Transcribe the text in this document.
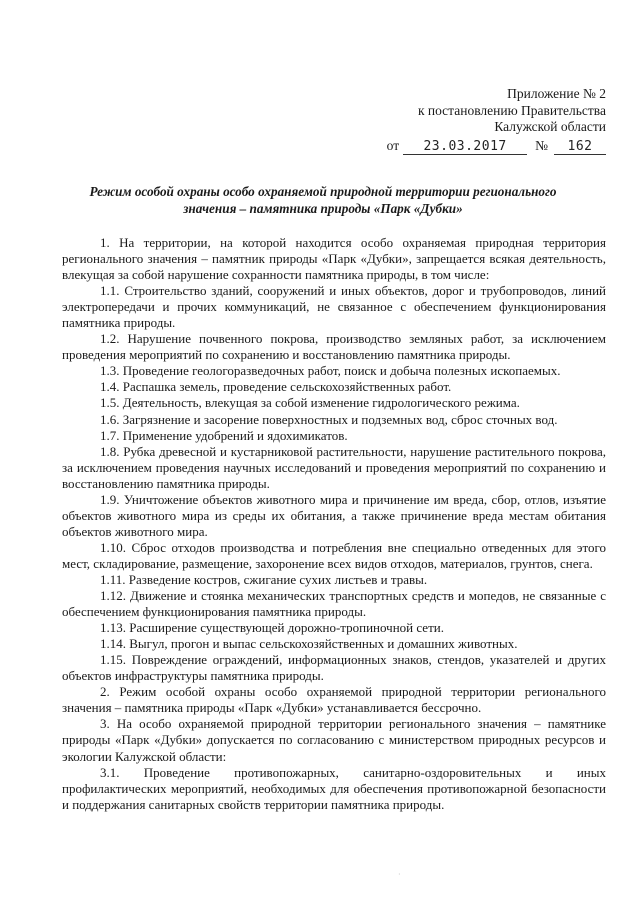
Приложение № 2
к постановлению Правительства
Калужской области
от	23.03.2017	№	162
Режим особой охраны особо охраняемой природной территории регионального
значения – памятника природы «Парк «Дубки»

1. На территории, на которой находится особо охраняемая природная территория регионального значения – памятник природы «Парк «Дубки», запрещается всякая деятельность, влекущая за собой нарушение сохранности памятника природы, в том числе:

1.1. Строительство зданий, сооружений и иных объектов, дорог и трубопроводов, линий электропередачи и прочих коммуникаций, не связанное с обеспечением функционирования памятника природы.

1.2. Нарушение почвенного покрова, производство земляных работ, за исключением проведения мероприятий по сохранению и восстановлению памятника природы.

1.3. Проведение геологоразведочных работ, поиск и добыча полезных ископаемых.

1.4. Распашка земель, проведение сельскохозяйственных работ.

1.5. Деятельность, влекущая за собой изменение гидрологического режима.

1.6. Загрязнение и засорение поверхностных и подземных вод, сброс сточных вод.

1.7. Применение удобрений и ядохимикатов.

1.8. Рубка древесной и кустарниковой растительности, нарушение растительного покрова, за исключением проведения научных исследований и проведения мероприятий по сохранению и восстановлению памятника природы.

1.9. Уничтожение объектов животного мира и причинение им вреда, сбор, отлов, изъятие объектов животного мира из среды их обитания, а также причинение вреда местам обитания объектов животного мира.

1.10. Сброс отходов производства и потребления вне специально отведенных для этого мест, складирование, размещение, захоронение всех видов отходов, материалов, грунтов, снега.

1.11. Разведение костров, сжигание сухих листьев и травы.

1.12. Движение и стоянка механических транспортных средств и мопедов, не связанные с обеспечением функционирования памятника природы.

1.13. Расширение существующей дорожно-тропиночной сети.

1.14. Выгул, прогон и выпас сельскохозяйственных и домашних животных.

1.15. Повреждение ограждений, информационных знаков, стендов, указателей и других объектов инфраструктуры памятника природы.

2. Режим особой охраны особо охраняемой природной территории регионального значения – памятника природы «Парк «Дубки» устанавливается бессрочно.

3. На особо охраняемой природной территории регионального значения – памятнике природы «Парк «Дубки» допускается по согласованию с министерством природных ресурсов и экологии Калужской области:

3.1. Проведение противопожарных, санитарно-оздоровительных и иных профилактических мероприятий, необходимых для обеспечения противопожарной безопасности и поддержания санитарных свойств территории памятника природы.

·
